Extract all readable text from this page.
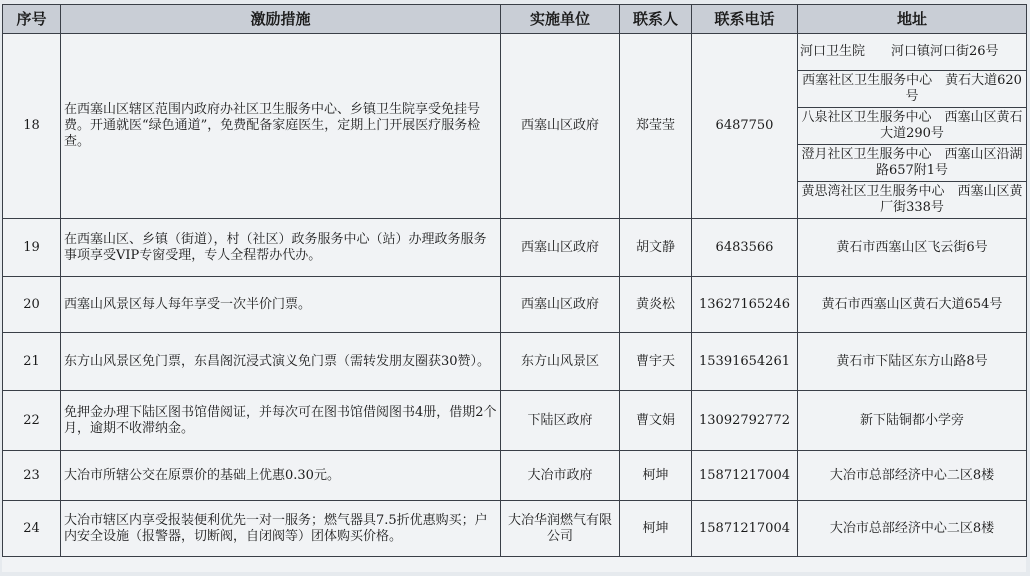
序号	激励措施	实施单位	联系人	联系电话	地址
18	在西塞山区辖区范围内政府办社区卫生服务中心、乡镇卫生院享受免挂号费。开通就医“绿色通道”，免费配备家庭医生，定期上门开展医疗服务检查。	西塞山区政府	郑莹莹	6487750	河口卫生院　　河口镇河口街26号
					西塞社区卫生服务中心　黄石大道620号
					八泉社区卫生服务中心　西塞山区黄石大道290号
					澄月社区卫生服务中心　西塞山区沿湖路657附1号
					黄思湾社区卫生服务中心　西塞山区黄厂街338号
19	在西塞山区、乡镇（街道），村（社区）政务服务中心（站）办理政务服务事项享受VIP专窗受理，专人全程帮办代办。	西塞山区政府	胡文静	6483566	黄石市西塞山区飞云街6号
20	西塞山风景区每人每年享受一次半价门票。	西塞山区政府	黄炎松	13627165246	黄石市西塞山区黄石大道654号
21	东方山风景区免门票，东昌阁沉浸式演义免门票（需转发朋友圈获30赞）。	东方山风景区	曹宇天	15391654261	黄石市下陆区东方山路8号
22	免押金办理下陆区图书馆借阅证，并每次可在图书馆借阅图书4册，借期2个月，逾期不收滞纳金。	下陆区政府	曹文娟	13092792772	新下陆铜都小学旁
23	大冶市所辖公交在原票价的基础上优惠0.30元。	大冶市政府	柯坤	15871217004	大冶市总部经济中心二区8楼
24	大冶市辖区内享受报装便利优先一对一服务；燃气器具7.5折优惠购买；户内安全设施（报警器，切断阀，自闭阀等）团体购买价格。	大冶华润燃气有限公司	柯坤	15871217004	大冶市总部经济中心二区8楼
